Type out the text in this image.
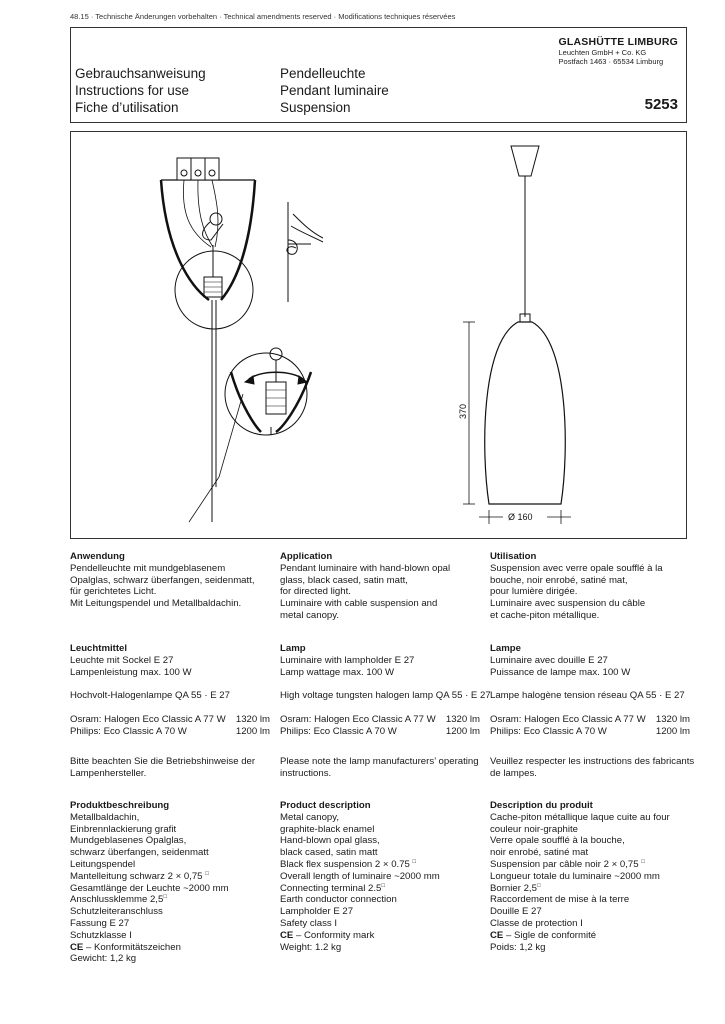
48.15 · Technische Änderungen vorbehalten · Technical amendments reserved · Modifications techniques réservées
GLASHÜTTE LIMBURG
Leuchten GmbH + Co. KG
Postfach 1463 · 65534 Limburg
Gebrauchsanweisung
Instructions for use
Fiche d’utilisation
Pendelleuchte
Pendant luminaire
Suspension	5253
370
Ø 160
Anwendung
Pendelleuchte mit mundgeblasenem
Opalglas, schwarz überfangen, seidenmatt,
für gerichtetes Licht.
Mit Leitungspendel und Metallbaldachin.
Application
Pendant luminaire with hand-blown opal
glass, black cased, satin matt,
for directed light.
Luminaire with cable suspension and
metal canopy.
Utilisation
Suspension avec verre opale soufflé à la
bouche, noir enrobé, satiné mat,
pour lumière dirigée.
Luminaire avec suspension du câble
et cache-piton métallique.
Leuchtmittel
Leuchte mit Sockel E 27
Lampenleistung max. 100 W
Hochvolt-Halogenlampe QA 55 · E 27
Osram: Halogen Eco Classic A 77 W 1320 lm
Philips: Eco Classic A 70 W	1200 lm
Lamp
Luminaire with lampholder E 27
Lamp wattage max. 100 W
High voltage tungsten halogen lamp QA 55 · E 27
Osram: Halogen Eco Classic A 77 W 1320 lm
Philips: Eco Classic A 70 W	1200 lm
Lampe
Luminaire avec douille E 27
Puissance de lampe max. 100 W
Lampe halogène tension réseau QA 55 · E 27
Osram: Halogen Eco Classic A 77 W 1320 lm
Philips: Eco Classic A 70 W	1200 lm
Bitte beachten Sie die Betriebshinweise der
Lampenhersteller.
Please note the lamp manufacturers’ operating
instructions.
Veuillez respecter les instructions des fabricants
de lampes.
Produktbeschreibung
Metallbaldachin,
Einbrennlackierung grafit
Mundgeblasenes Opalglas,
schwarz überfangen, seidenmatt
Leitungspendel
Mantelleitung schwarz 2 × 0,75 □
Gesamtlänge der Leuchte ~2000 mm
Anschlussklemme 2,5□
Schutzleiteranschluss
Fassung E 27
Schutzklasse I
CE – Konformitätszeichen
Gewicht: 1,2 kg
Product description
Metal canopy,
graphite-black enamel
Hand-blown opal glass,
black cased, satin matt
Black flex suspension 2 × 0.75 □
Overall length of luminaire ~2000 mm
Connecting terminal 2.5□
Earth conductor connection
Lampholder E 27
Safety class I
CE – Conformity mark
Weight: 1.2 kg
Description du produit
Cache-piton métallique laque cuite au four
couleur noir-graphite
Verre opale soufflé à la bouche,
noir enrobé, satiné mat
Suspension par câble noir 2 × 0,75 □
Longueur totale du luminaire ~2000 mm
Bornier 2,5□
Raccordement de mise à la terre
Douille E 27
Classe de protection I
CE – Sigle de conformité
Poids: 1,2 kg
